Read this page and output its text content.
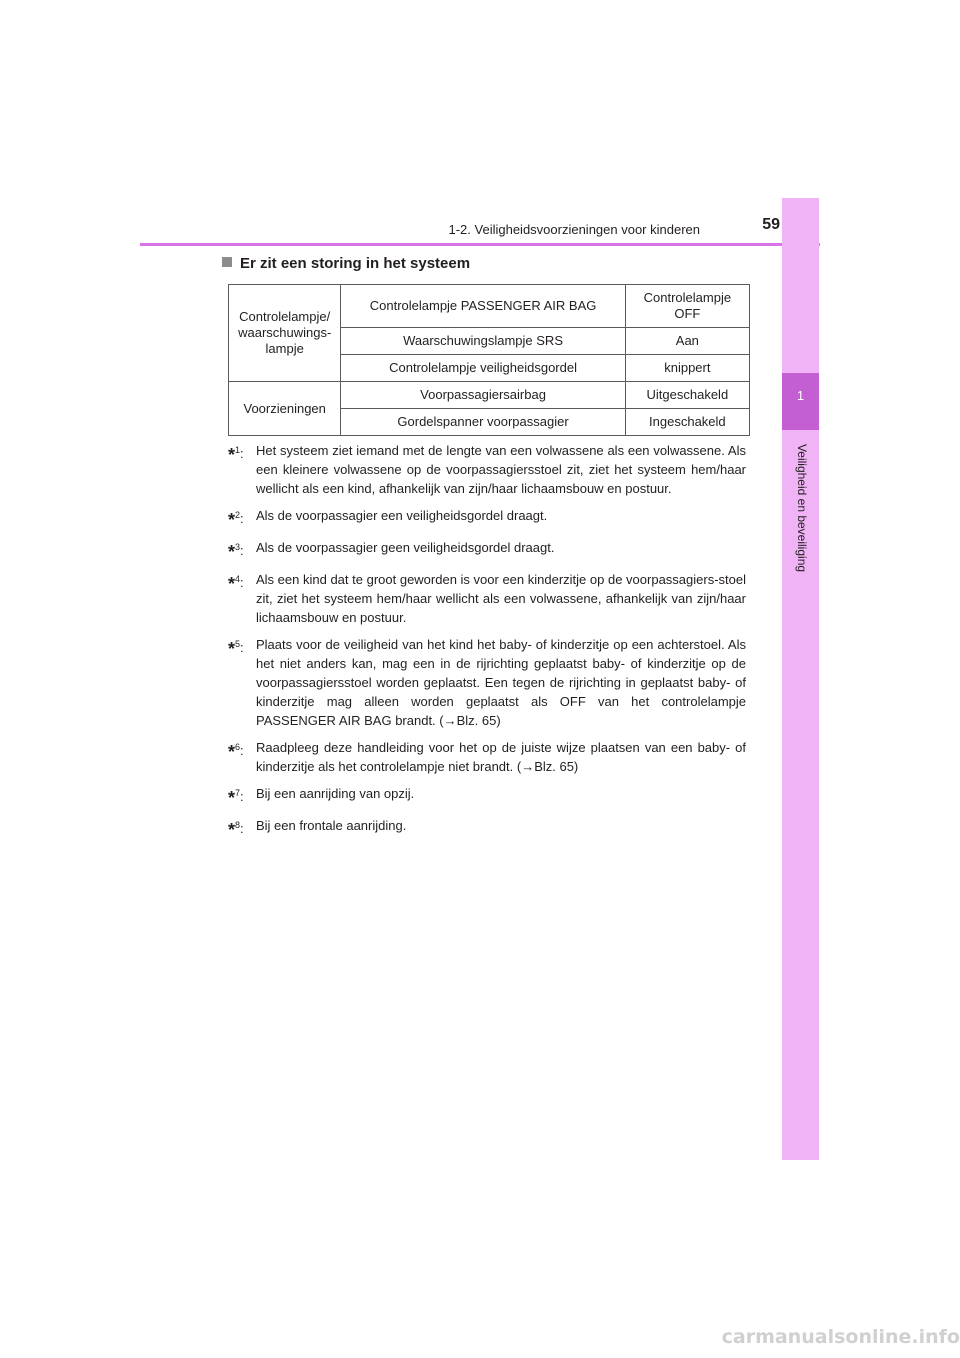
1-2. Veiligheidsvoorzieningen voor kinderen	59
1
Veiligheid en beveiliging
Er zit een storing in het systeem
Controlelampje/ waarschuwings-lampje	Controlelampje PASSENGER AIR BAG	Controlelampje OFF
	Waarschuwingslampje SRS	Aan
	Controlelampje veiligheidsgordel	knippert
Voorzieningen	Voorpassagiersairbag	Uitgeschakeld
	Gordelspanner voorpassagier	Ingeschakeld
*$^1$: Het systeem ziet iemand met de lengte van een volwassene als een volwassene. Als een kleinere volwassene op de voorpassagiersstoel zit, ziet het systeem hem/haar wellicht als een kind, afhankelijk van zijn/haar lichaamsbouw en postuur.
*$^2$: Als de voorpassagier een veiligheidsgordel draagt.
*$^3$: Als de voorpassagier geen veiligheidsgordel draagt.
*$^4$: Als een kind dat te groot geworden is voor een kinderzitje op de voorpassagiers-stoel zit, ziet het systeem hem/haar wellicht als een volwassene, afhankelijk van zijn/haar lichaamsbouw en postuur.
*$^5$: Plaats voor de veiligheid van het kind het baby- of kinderzitje op een achterstoel. Als het niet anders kan, mag een in de rijrichting geplaatst baby- of kinderzitje op de voorpassagiersstoel worden geplaatst. Een tegen de rijrichting in geplaatst baby- of kinderzitje mag alleen worden geplaatst als OFF van het controlelampje PASSENGER AIR BAG brandt. (→Blz. 65)
*$^6$: Raadpleeg deze handleiding voor het op de juiste wijze plaatsen van een baby- of kinderzitje als het controlelampje niet brandt. (→Blz. 65)
*$^7$: Bij een aanrijding van opzij.
*$^8$: Bij een frontale aanrijding.
carmanualsonline.info
